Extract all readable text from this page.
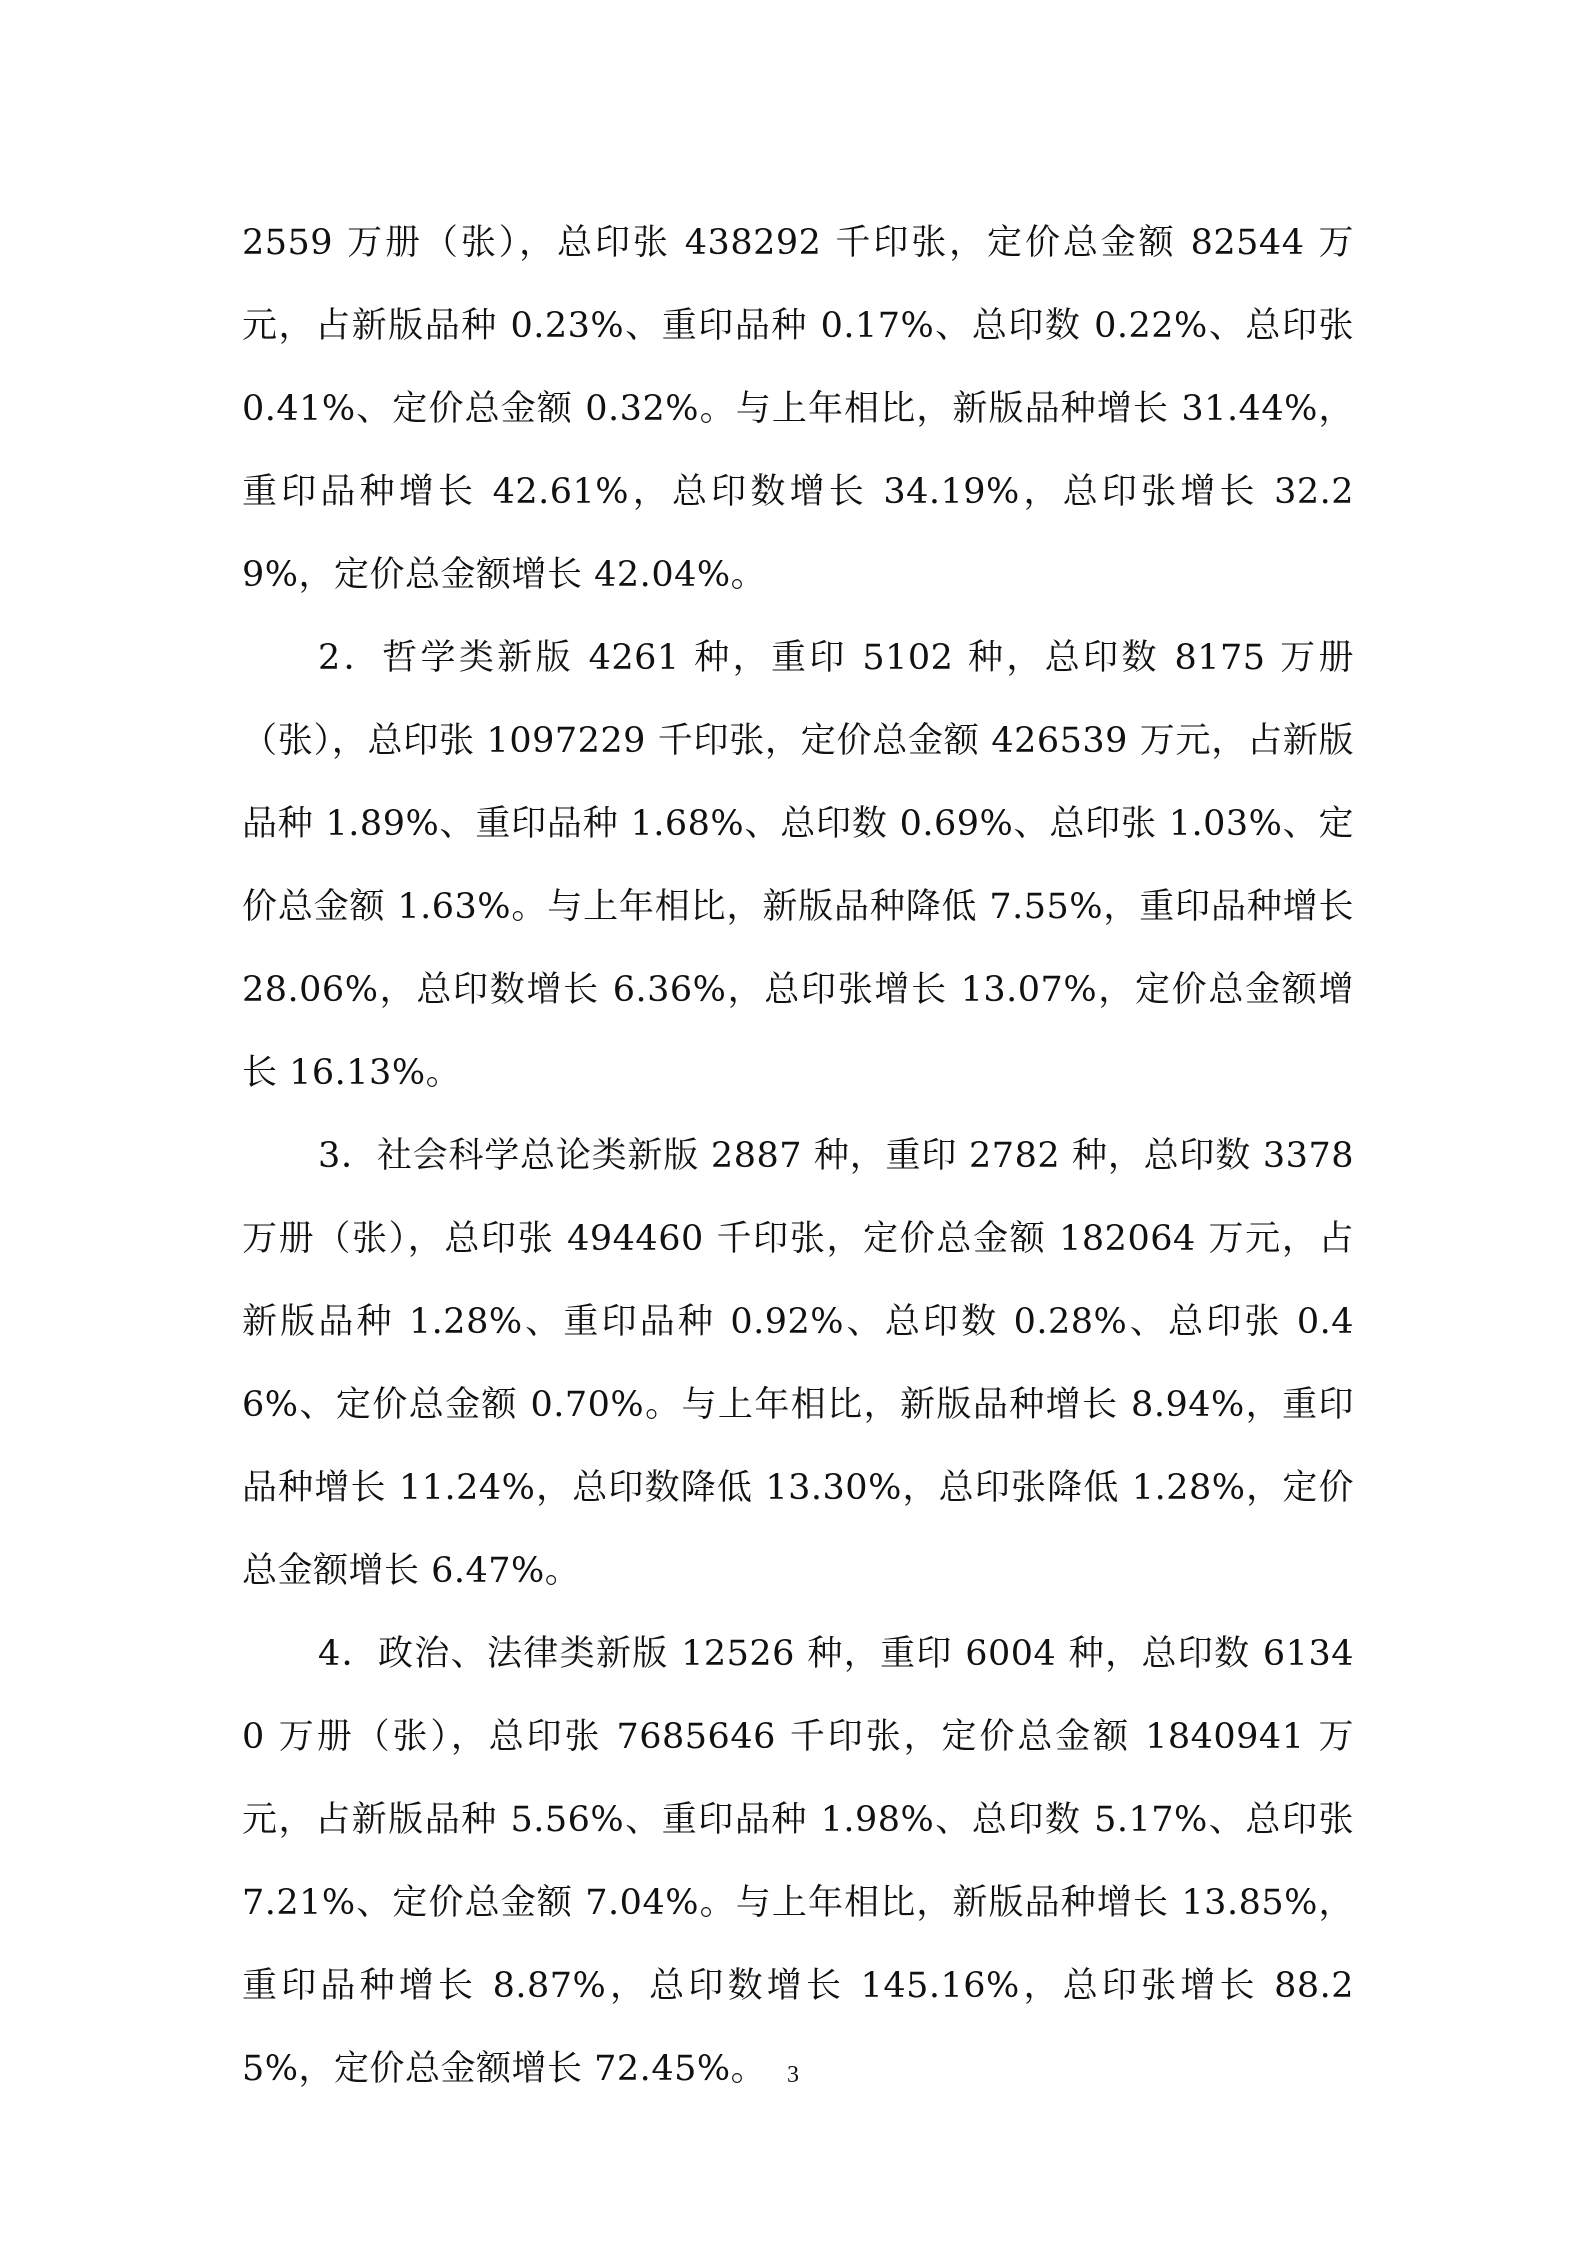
2559 万册（张），总印张 438292 千印张，定价总金额 82544 万元，占新版品种 0.23%、重印品种 0.17%、总印数 0.22%、总印张 0.41%、定价总金额 0.32%。与上年相比，新版品种增长 31.44%，重印品种增长 42.61%，总印数增长 34.19%，总印张增长 32.29%，定价总金额增长 42.04%。

2．哲学类新版 4261 种，重印 5102 种，总印数 8175 万册（张），总印张 1097229 千印张，定价总金额 426539 万元，占新版品种 1.89%、重印品种 1.68%、总印数 0.69%、总印张 1.03%、定价总金额 1.63%。与上年相比，新版品种降低 7.55%，重印品种增长 28.06%，总印数增长 6.36%，总印张增长 13.07%，定价总金额增长 16.13%。

3．社会科学总论类新版 2887 种，重印 2782 种，总印数 3378 万册（张），总印张 494460 千印张，定价总金额 182064 万元，占新版品种 1.28%、重印品种 0.92%、总印数 0.28%、总印张 0.46%、定价总金额 0.70%。与上年相比，新版品种增长 8.94%，重印品种增长 11.24%，总印数降低 13.30%，总印张降低 1.28%，定价总金额增长 6.47%。

4．政治、法律类新版 12526 种，重印 6004 种，总印数 61340 万册（张），总印张 7685646 千印张，定价总金额 1840941 万元，占新版品种 5.56%、重印品种 1.98%、总印数 5.17%、总印张 7.21%、定价总金额 7.04%。与上年相比，新版品种增长 13.85%，重印品种增长 8.87%，总印数增长 145.16%，总印张增长 88.25%，定价总金额增长 72.45%。 3
